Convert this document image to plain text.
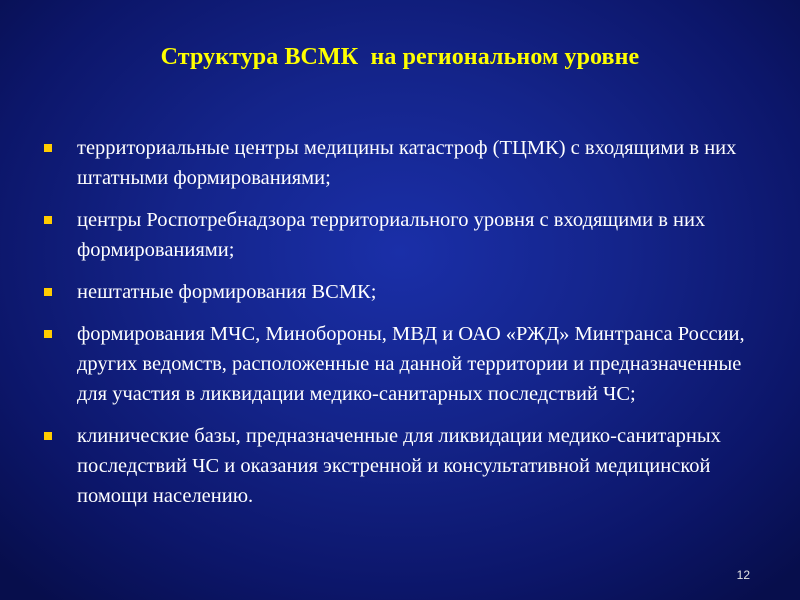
Структура ВСМК  на региональном уровне
территориальные центры медицины катастроф (ТЦМК) с входящими в них штатными формированиями;
центры Роспотребнадзора территориального уровня с входящими в них формированиями;
нештатные формирования ВСМК;
формирования МЧС, Минобороны, МВД и ОАО «РЖД» Минтранса России, других ведомств, расположенные на данной территории и предназначенные для участия в ликвидации медико-санитарных последствий ЧС;
клинические базы, предназначенные для ликвидации медико-санитарных последствий ЧС и оказания экстренной и консультативной медицинской помощи населению.
12
